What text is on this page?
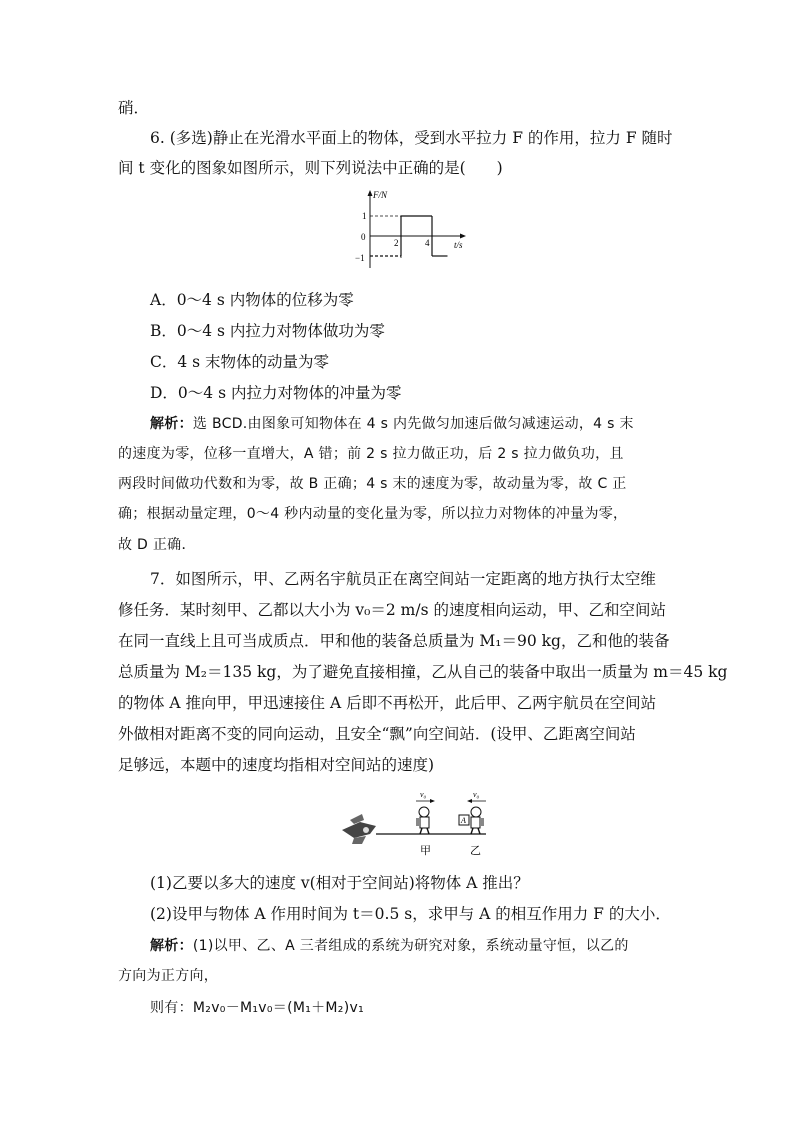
硝．
6. (多选)静止在光滑水平面上的物体，受到水平拉力 F 的作用，拉力 F 随时
间 t 变化的图象如图所示，则下列说法中正确的是(　　)
F/N
t/s
1
0
−1
2	4
A．0～4 s 内物体的位移为零
B．0～4 s 内拉力对物体做功为零
C．4 s 末物体的动量为零
D．0～4 s 内拉力对物体的冲量为零
解析：选 BCD.由图象可知物体在 4 s 内先做匀加速后做匀减速运动，4 s 末
的速度为零，位移一直增大，A 错；前 2 s 拉力做正功，后 2 s 拉力做负功，且
两段时间做功代数和为零，故 B 正确；4 s 末的速度为零，故动量为零，故 C 正
确；根据动量定理，0～4 秒内动量的变化量为零，所以拉力对物体的冲量为零，
故 D 正确．
7．如图所示，甲、乙两名宇航员正在离空间站一定距离的地方执行太空维
修任务．某时刻甲、乙都以大小为 v₀＝2 m/s 的速度相向运动，甲、乙和空间站
在同一直线上且可当成质点．甲和他的装备总质量为 M₁＝90 kg，乙和他的装备
总质量为 M₂＝135 kg，为了避免直接相撞，乙从自己的装备中取出一质量为 m＝45 kg
的物体 A 推向甲，甲迅速接住 A 后即不再松开，此后甲、乙两宇航员在空间站
外做相对距离不变的同向运动，且安全“飘”向空间站．(设甲、乙距离空间站
足够远，本题中的速度均指相对空间站的速度)
v₀
A
v₀
甲	乙
(1)乙要以多大的速度 v(相对于空间站)将物体 A 推出？
(2)设甲与物体 A 作用时间为 t＝0.5 s，求甲与 A 的相互作用力 F 的大小．
解析：(1)以甲、乙、A 三者组成的系统为研究对象，系统动量守恒，以乙的
方向为正方向，
则有：M₂v₀－M₁v₀＝(M₁＋M₂)v₁
